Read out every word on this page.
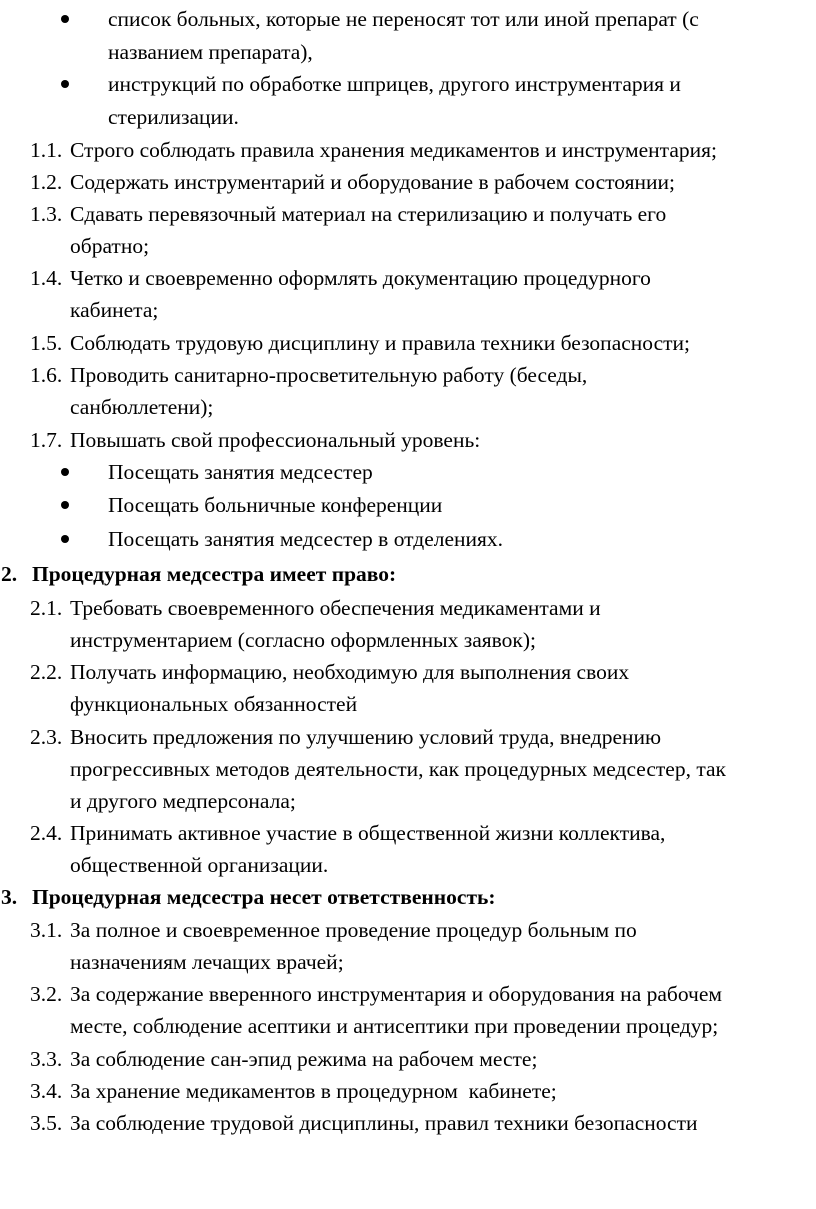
список больных, которые не переносят тот или иной препарат (с
названием препарата),
инструкций по обработке шприцев, другого инструментария и
стерилизации.
1.1. Строго соблюдать правила хранения медикаментов и инструментария;
1.2. Содержать инструментарий и оборудование в рабочем состоянии;
1.3. Сдавать перевязочный материал на стерилизацию и получать его
обратно;
1.4. Четко и своевременно оформлять документацию процедурного
кабинета;
1.5. Соблюдать трудовую дисциплину и правила техники безопасности;
1.6. Проводить санитарно-просветительную работу (беседы,
санбюллетени);
1.7. Повышать свой профессиональный уровень:
Посещать занятия медсестер
Посещать больничные конференции
Посещать занятия медсестер в отделениях.
2. Процедурная медсестра имеет право:
2.1. Требовать своевременного обеспечения медикаментами и
инструментарием (согласно оформленных заявок);
2.2. Получать информацию, необходимую для выполнения своих
функциональных обязанностей
2.3. Вносить предложения по улучшению условий труда, внедрению
прогрессивных методов деятельности, как процедурных медсестер, так
и другого медперсонала;
2.4. Принимать активное участие в общественной жизни коллектива,
общественной организации.
3. Процедурная медсестра несет ответственность:
3.1. За полное и своевременное проведение процедур больным по
назначениям лечащих врачей;
3.2. За содержание вверенного инструментария и оборудования на рабочем
месте, соблюдение асептики и антисептики при проведении процедур;
3.3. За соблюдение сан-эпид режима на рабочем месте;
3.4. За хранение медикаментов в процедурном  кабинете;
3.5. За соблюдение трудовой дисциплины, правил техники безопасности
